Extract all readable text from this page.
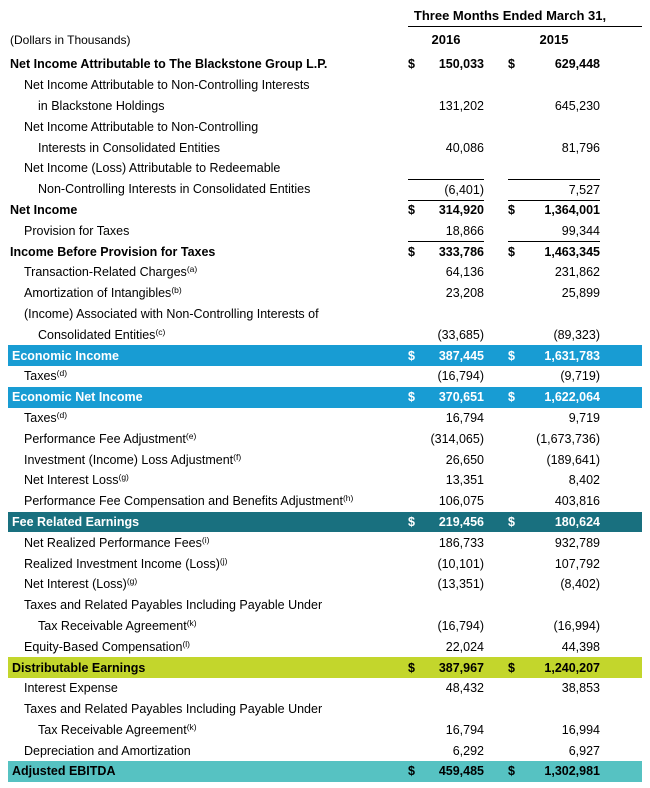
Three Months Ended March 31,
(Dollars in Thousands)	2016	2015
Net Income Attributable to The Blackstone Group L.P.	$	150,033 $	629,448
Net Income Attributable to Non-Controlling Interests
in Blackstone Holdings	131,202	645,230
Net Income Attributable to Non-Controlling
Interests in Consolidated Entities	40,086	81,796
Net Income (Loss) Attributable to Redeemable
Non-Controlling Interests in Consolidated Entities	(6,401)	7,527
Net Income	$	314,920 $	1,364,001
Provision for Taxes	18,866	99,344
Income Before Provision for Taxes	$	333,786 $	1,463,345
Transaction-Related Charges$^{(a)}$	64,136	231,862
Amortization of Intangibles$^{(b)}$	23,208	25,899
(Income) Associated with Non-Controlling Interests of
Consolidated Entities$^{(c)}$	(33,685)	(89,323)
Economic Income	$	387,445 $	1,631,783
Taxes$^{(d)}$	(16,794)	(9,719)
Economic Net Income	$	370,651 $	1,622,064
Taxes$^{(d)}$	16,794	9,719
Performance Fee Adjustment$^{(e)}$	(314,065)	(1,673,736)
Investment (Income) Loss Adjustment$^{(f)}$	26,650	(189,641)
Net Interest Loss$^{(g)}$	13,351	8,402
Performance Fee Compensation and Benefits Adjustment$^{(h)}$	106,075	403,816
Fee Related Earnings	$	219,456 $	180,624
Net Realized Performance Fees$^{(i)}$	186,733	932,789
Realized Investment Income (Loss)$^{(j)}$	(10,101)	107,792
Net Interest (Loss)$^{(g)}$	(13,351)	(8,402)
Taxes and Related Payables Including Payable Under
Tax Receivable Agreement$^{(k)}$	(16,794)	(16,994)
Equity-Based Compensation$^{(l)}$	22,024	44,398
Distributable Earnings	$	387,967 $	1,240,207
Interest Expense	48,432	38,853
Taxes and Related Payables Including Payable Under
Tax Receivable Agreement$^{(k)}$	16,794	16,994
Depreciation and Amortization	6,292	6,927
Adjusted EBITDA	$	459,485 $	1,302,981
